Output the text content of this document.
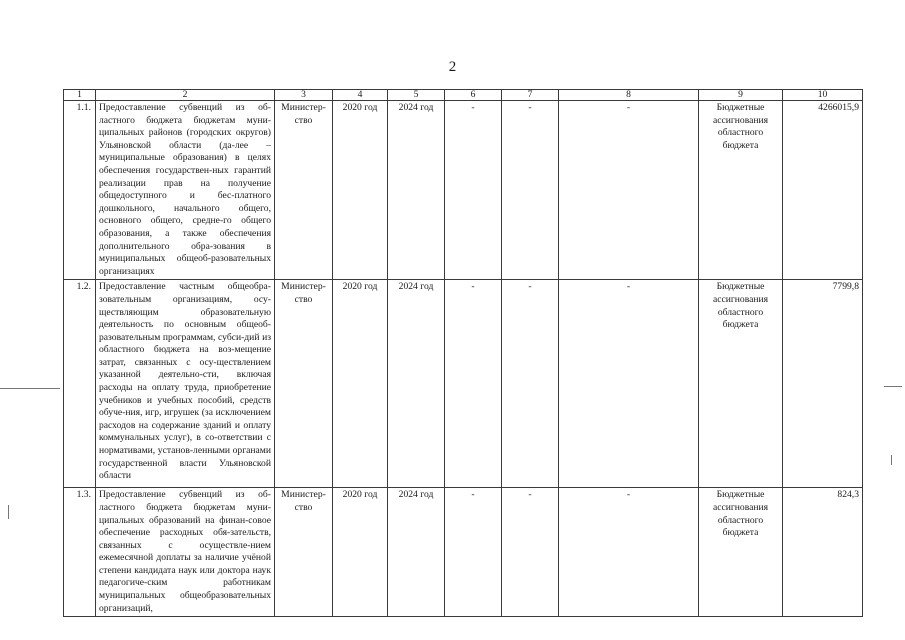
2
1	2	3	4	5	6	7	8	9	10
1.1.	Предоставление субвенций из об-ластного бюджета бюджетам муни-ципальных районов (городских округов) Ульяновской области (да-лее – муниципальные образования) в целях обеспечения государствен-ных гарантий реализации прав на получение общедоступного и бес-платного дошкольного, начального общего, основного общего, средне-го общего образования, а также обеспечения дополнительного обра-зования в муниципальных общеоб-разовательных организациях	Министер-ство	2020 год	2024 год	-	-	-	Бюджетные ассигнования областного бюджета	4266015,9
1.2.	Предоставление частным общеобра-зовательным организациям, осу-ществляющим образовательную деятельность по основным общеоб-разовательным программам, субси-дий из областного бюджета на воз-мещение затрат, связанных с осу-ществлением указанной деятельно-сти, включая расходы на оплату труда, приобретение учебников и учебных пособий, средств обуче-ния, игр, игрушек (за исключением расходов на содержание зданий и оплату коммунальных услуг), в со-ответствии с нормативами, установ-ленными органами государственной власти Ульяновской области	Министер-ство	2020 год	2024 год	-	-	-	Бюджетные ассигнования областного бюджета	7799,8
1.3.	Предоставление субвенций из об-ластного бюджета бюджетам муни-ципальных образований на финан-совое обеспечение расходных обя-зательств, связанных с осуществле-нием ежемесячной доплаты за наличие учёной степени кандидата наук или доктора наук педагогиче-ским работникам муниципальных общеобразовательных организаций,	Министер-ство	2020 год	2024 год	-	-	-	Бюджетные ассигнования областного бюджета	824,3
